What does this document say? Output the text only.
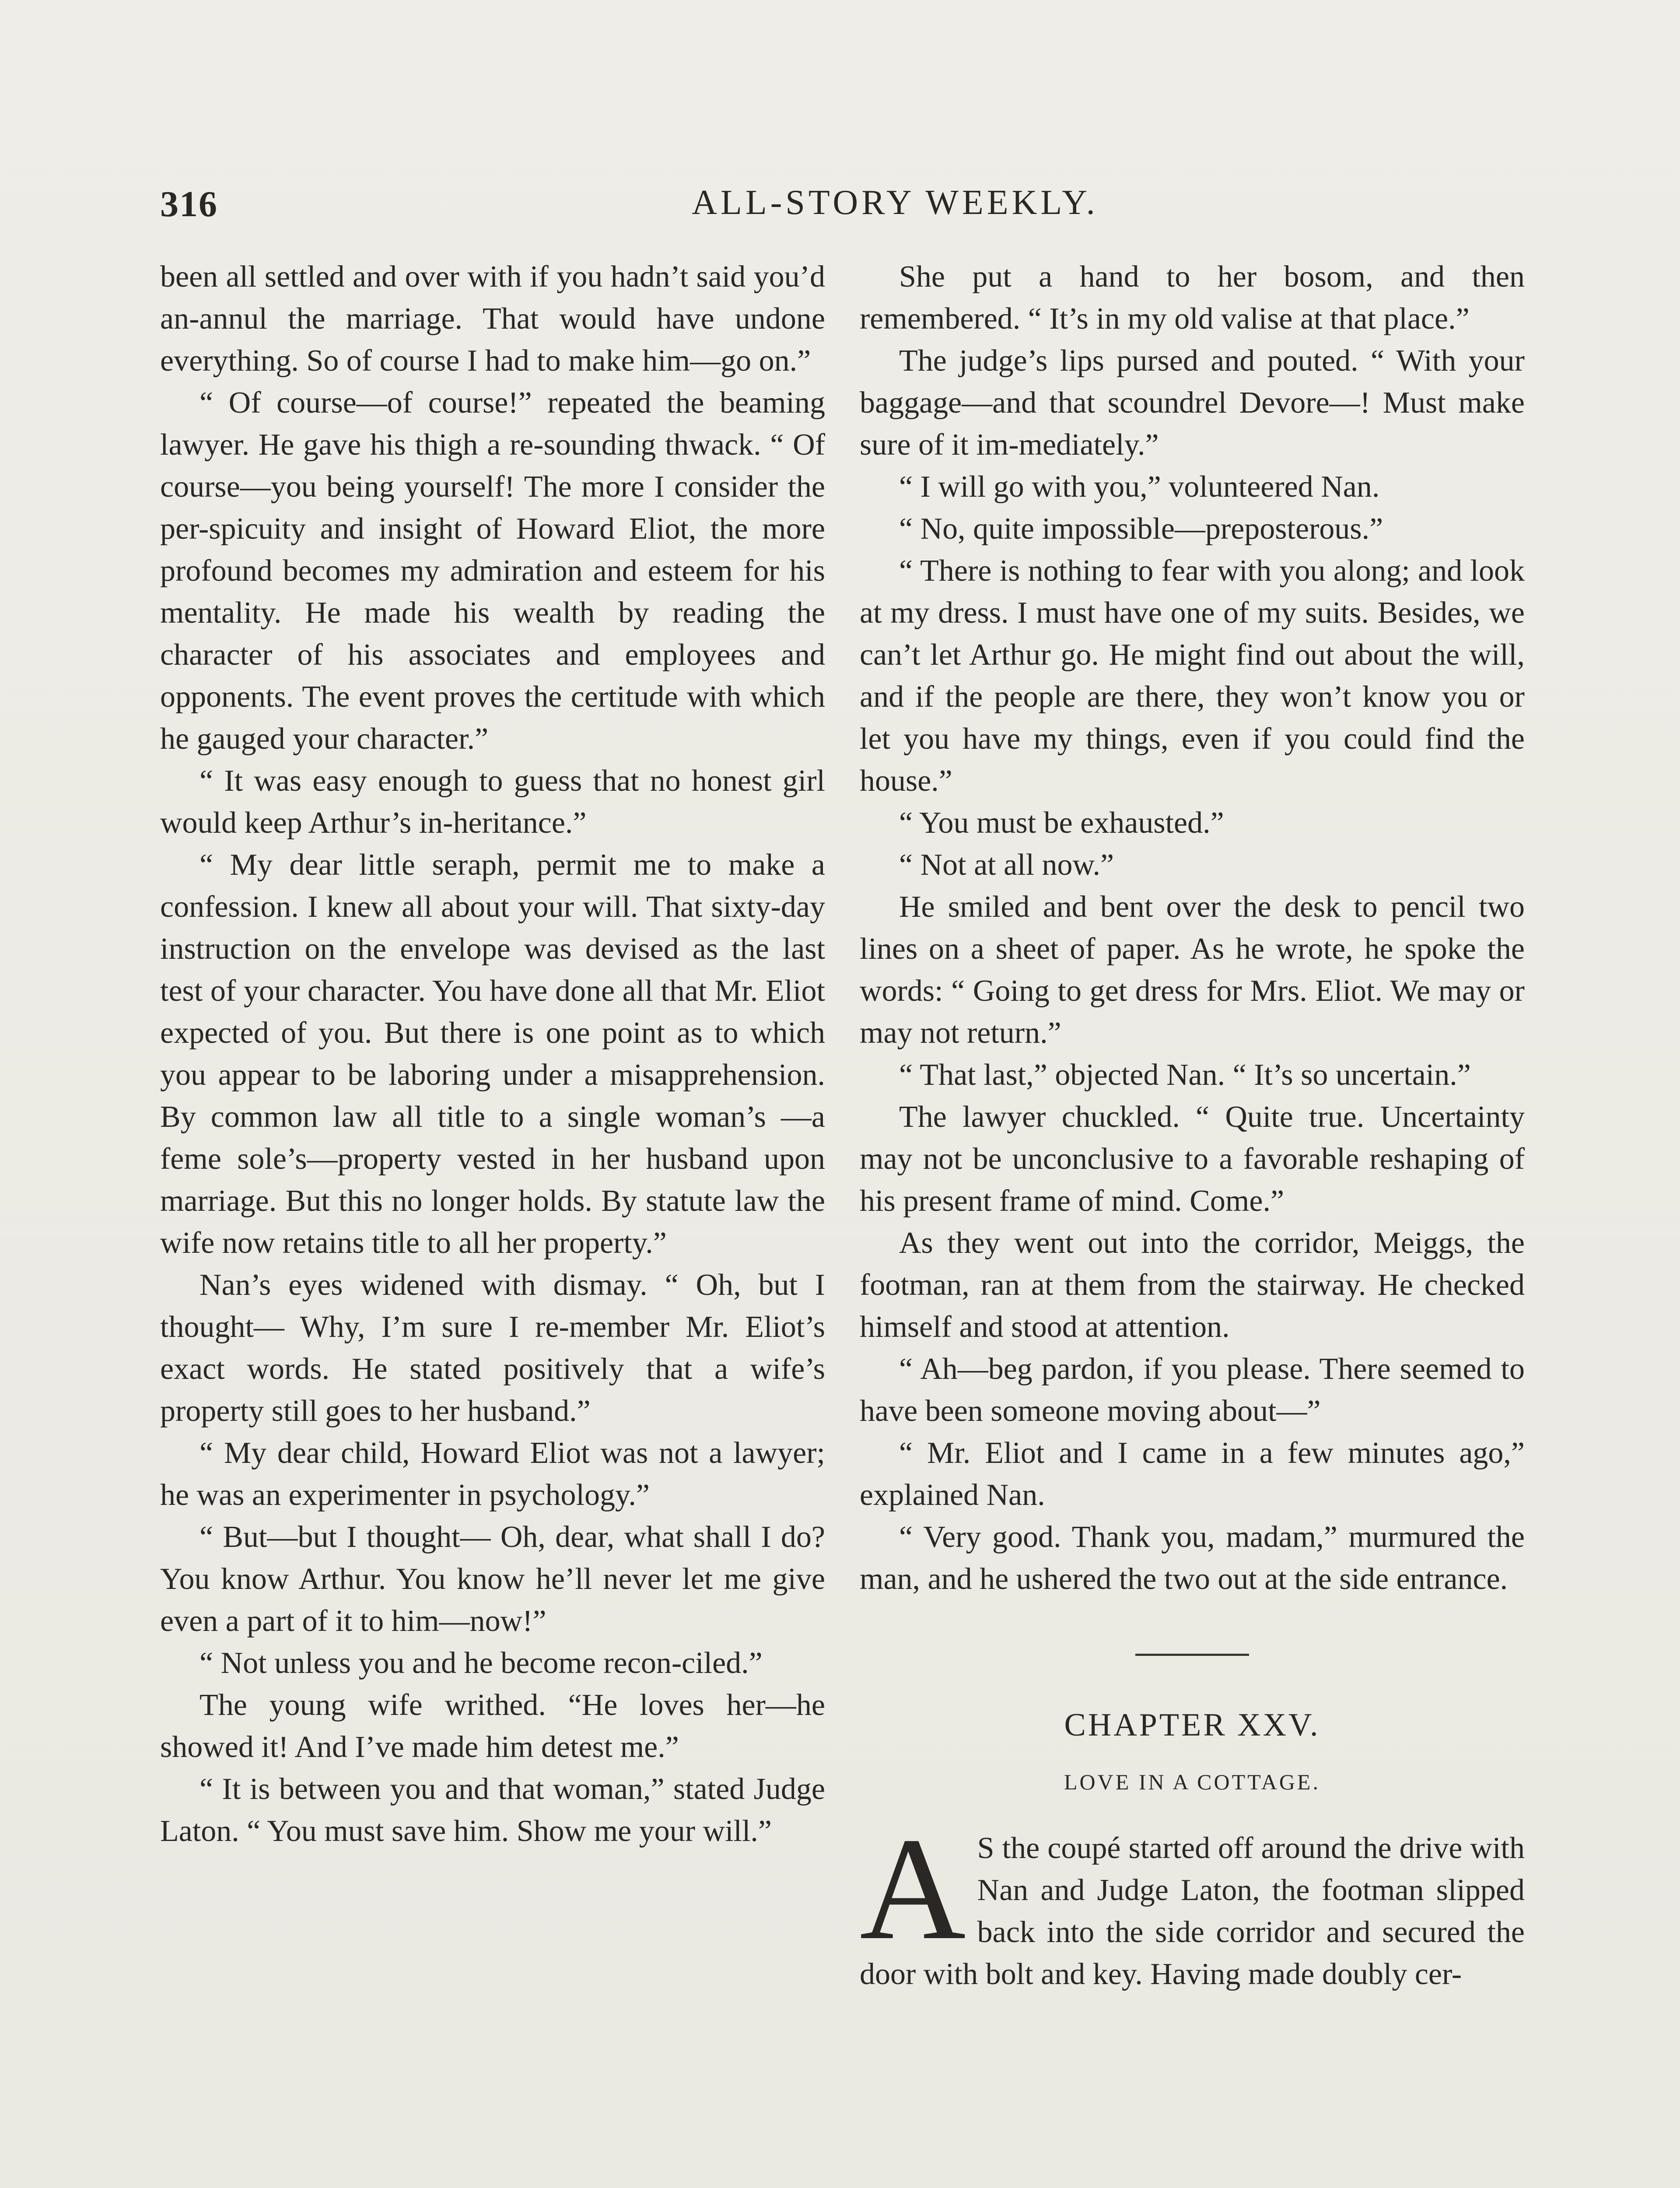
316	ALL-STORY WEEKLY.

been all settled and over with if you hadn’t said you’d an-annul the marriage. That would have undone everything. So of course I had to make him—go on.”

“ Of course—of course!” repeated the beaming lawyer. He gave his thigh a re-sounding thwack. “ Of course—you being yourself! The more I consider the per-spicuity and insight of Howard Eliot, the more profound becomes my admiration and esteem for his mentality. He made his wealth by reading the character of his associates and employees and opponents. The event proves the certitude with which he gauged your character.”

“ It was easy enough to guess that no honest girl would keep Arthur’s in-heritance.”

“ My dear little seraph, permit me to make a confession. I knew all about your will. That sixty-day instruction on the envelope was devised as the last test of your character. You have done all that Mr. Eliot expected of you. But there is one point as to which you appear to be laboring under a misapprehension. By common law all title to a single woman’s —a feme sole’s—property vested in her husband upon marriage. But this no longer holds. By statute law the wife now retains title to all her property.”

Nan’s eyes widened with dismay. “ Oh, but I thought— Why, I’m sure I re-member Mr. Eliot’s exact words. He stated positively that a wife’s property still goes to her husband.”

“ My dear child, Howard Eliot was not a lawyer; he was an experimenter in psychology.”

“ But—but I thought— Oh, dear, what shall I do? You know Arthur. You know he’ll never let me give even a part of it to him—now!”

“ Not unless you and he become recon-ciled.”

The young wife writhed. “He loves her—he showed it! And I’ve made him detest me.”

“ It is between you and that woman,” stated Judge Laton. “ You must save him. Show me your will.”

She put a hand to her bosom, and then remembered. “ It’s in my old valise at that place.”

The judge’s lips pursed and pouted. “ With your baggage—and that scoundrel Devore—! Must make sure of it im-mediately.”

“ I will go with you,” volunteered Nan.

“ No, quite impossible—preposterous.”

“ There is nothing to fear with you along; and look at my dress. I must have one of my suits. Besides, we can’t let Arthur go. He might find out about the will, and if the people are there, they won’t know you or let you have my things, even if you could find the house.”

“ You must be exhausted.”

“ Not at all now.”

He smiled and bent over the desk to pencil two lines on a sheet of paper. As he wrote, he spoke the words: “ Going to get dress for Mrs. Eliot. We may or may not return.”

“ That last,” objected Nan. “ It’s so uncertain.”

The lawyer chuckled. “ Quite true. Uncertainty may not be unconclusive to a favorable reshaping of his present frame of mind. Come.”

As they went out into the corridor, Meiggs, the footman, ran at them from the stairway. He checked himself and stood at attention.

“ Ah—beg pardon, if you please. There seemed to have been someone moving about—”

“ Mr. Eliot and I came in a few minutes ago,” explained Nan.

“ Very good. Thank you, madam,” murmured the man, and he ushered the two out at the side entrance.

CHAPTER XXV.
LOVE IN A COTTAGE.
A S the coupé started off around the drive with Nan and Judge Laton, the footman slipped back into the side corridor and secured the door with bolt and key. Having made doubly cer-
